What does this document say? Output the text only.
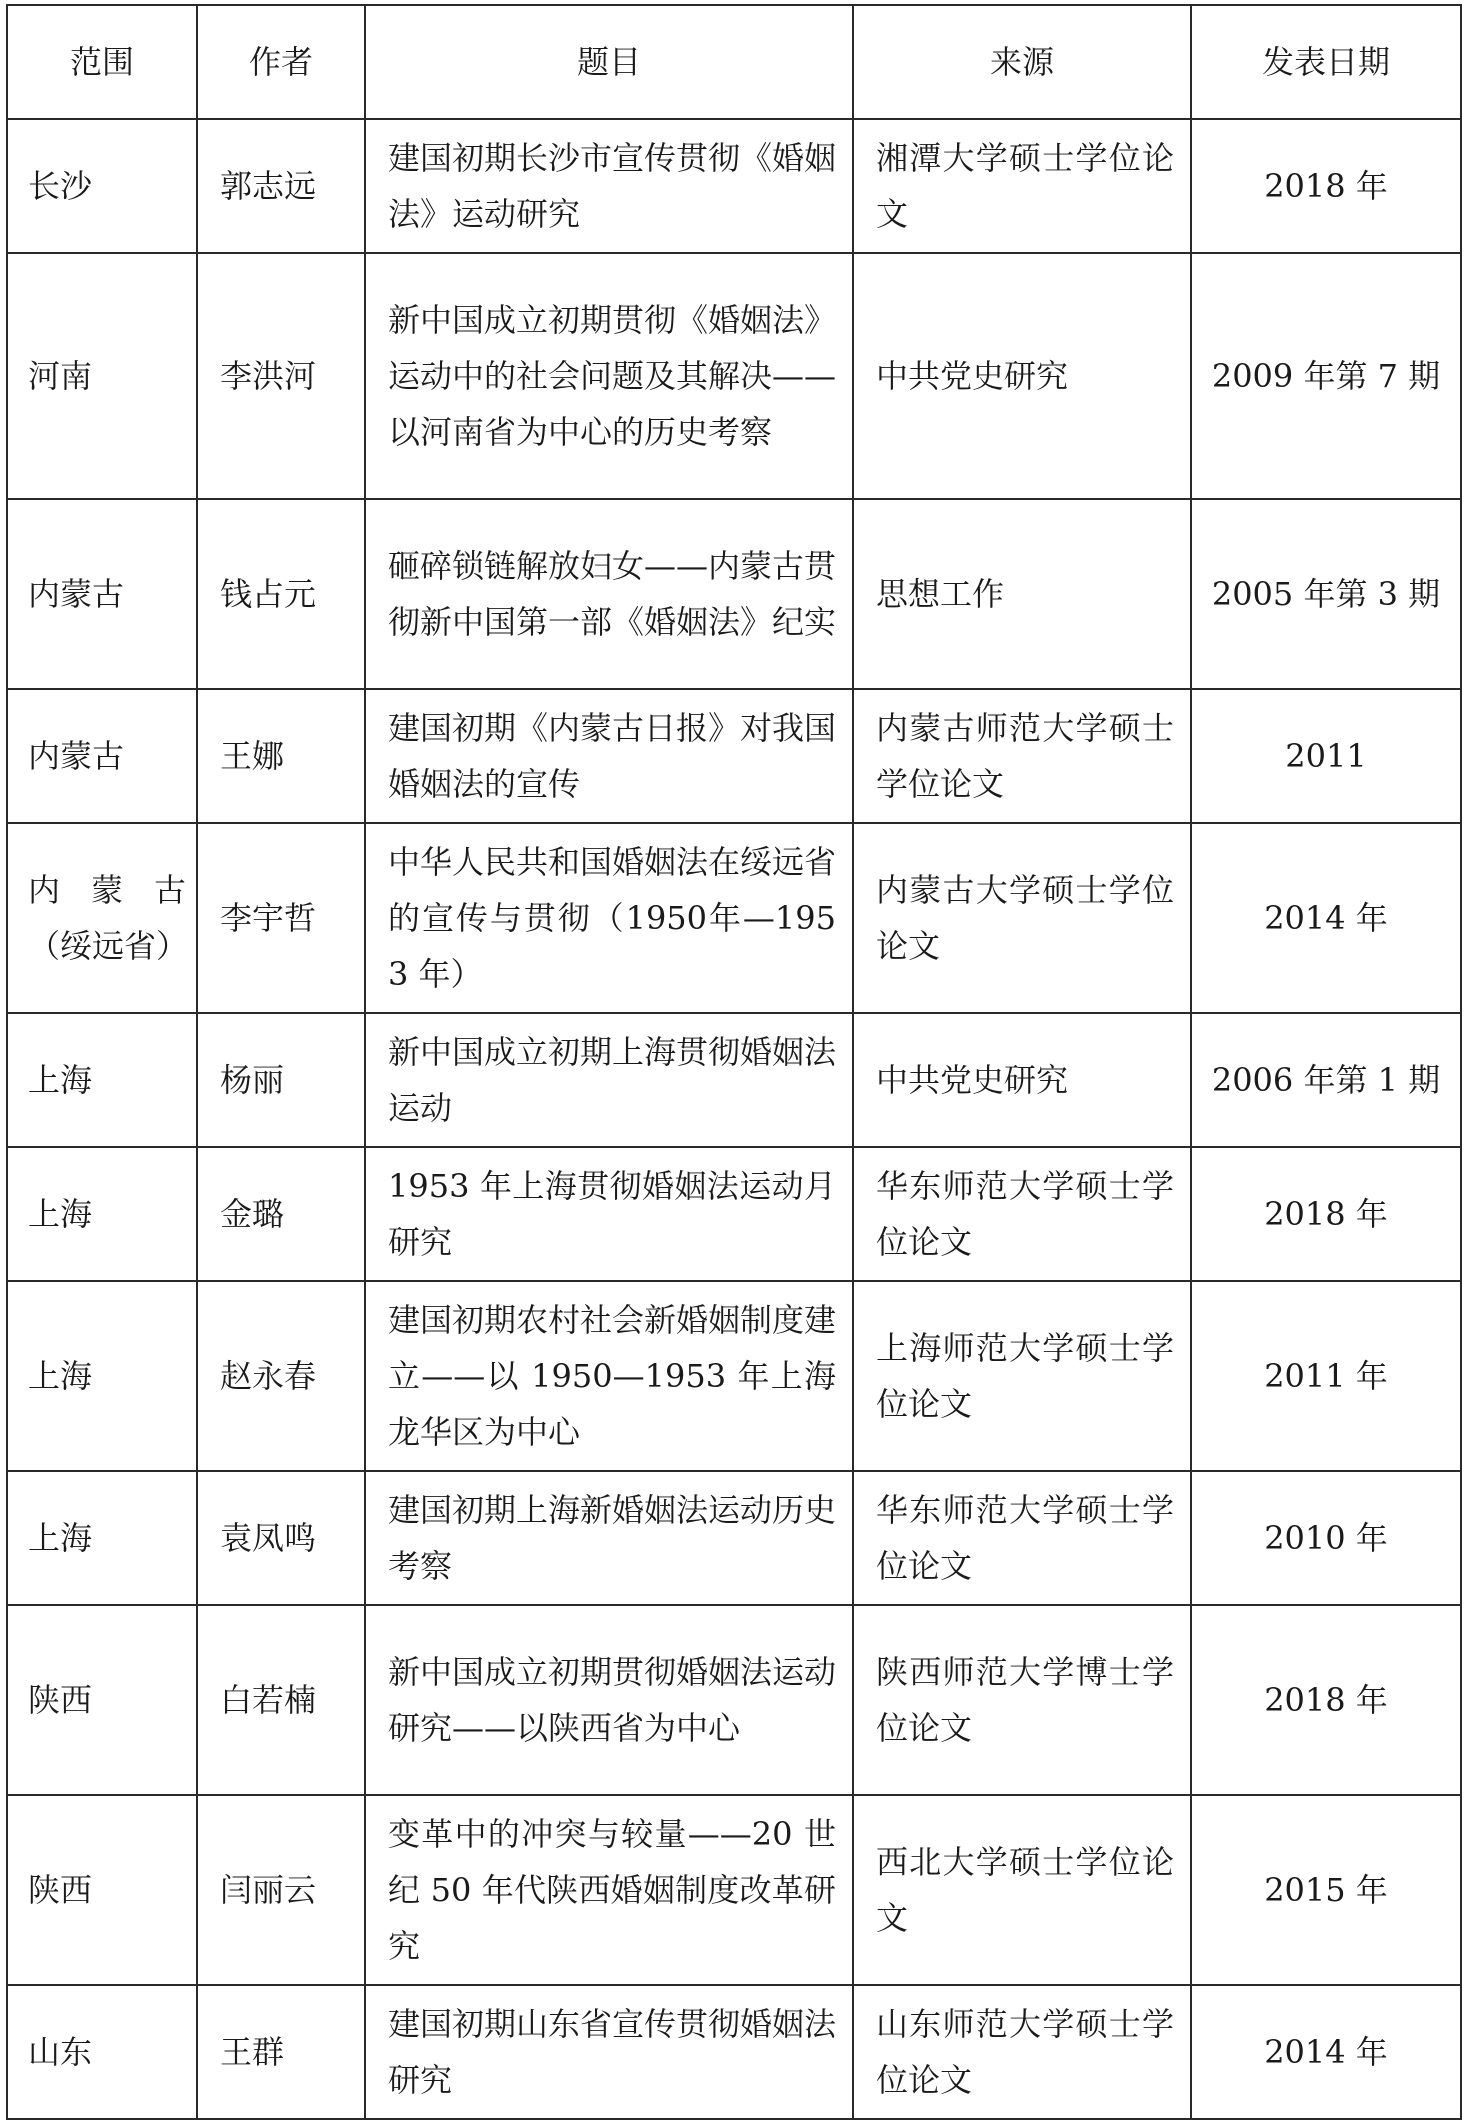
范围	作者	题目	来源	发表日期
长沙	郭志远	建国初期长沙市宣传贯彻《婚姻法》运动研究	湘潭大学硕士学位论文	2018 年
河南	李洪河	新中国成立初期贯彻《婚姻法》运动中的社会问题及其解决——以河南省为中心的历史考察	中共党史研究	2009 年第 7 期
内蒙古	钱占元	砸碎锁链解放妇女——内蒙古贯彻新中国第一部《婚姻法》纪实	思想工作	2005 年第 3 期
内蒙古	王娜	建国初期《内蒙古日报》对我国婚姻法的宣传	内蒙古师范大学硕士学位论文	2011
内蒙古（绥远省）	李宇哲	中华人民共和国婚姻法在绥远省的宣传与贯彻（1950年—1953 年）	内蒙古大学硕士学位论文	2014 年
上海	杨丽	新中国成立初期上海贯彻婚姻法运动	中共党史研究	2006 年第 1 期
上海	金璐	1953 年上海贯彻婚姻法运动月研究	华东师范大学硕士学位论文	2018 年
上海	赵永春	建国初期农村社会新婚姻制度建立——以 1950—1953 年上海龙华区为中心	上海师范大学硕士学位论文	2011 年
上海	袁凤鸣	建国初期上海新婚姻法运动历史考察	华东师范大学硕士学位论文	2010 年
陕西	白若楠	新中国成立初期贯彻婚姻法运动研究——以陕西省为中心	陕西师范大学博士学位论文	2018 年
陕西	闫丽云	变革中的冲突与较量——20 世纪 50 年代陕西婚姻制度改革研究	西北大学硕士学位论文	2015 年
山东	王群	建国初期山东省宣传贯彻婚姻法研究	山东师范大学硕士学位论文	2014 年
